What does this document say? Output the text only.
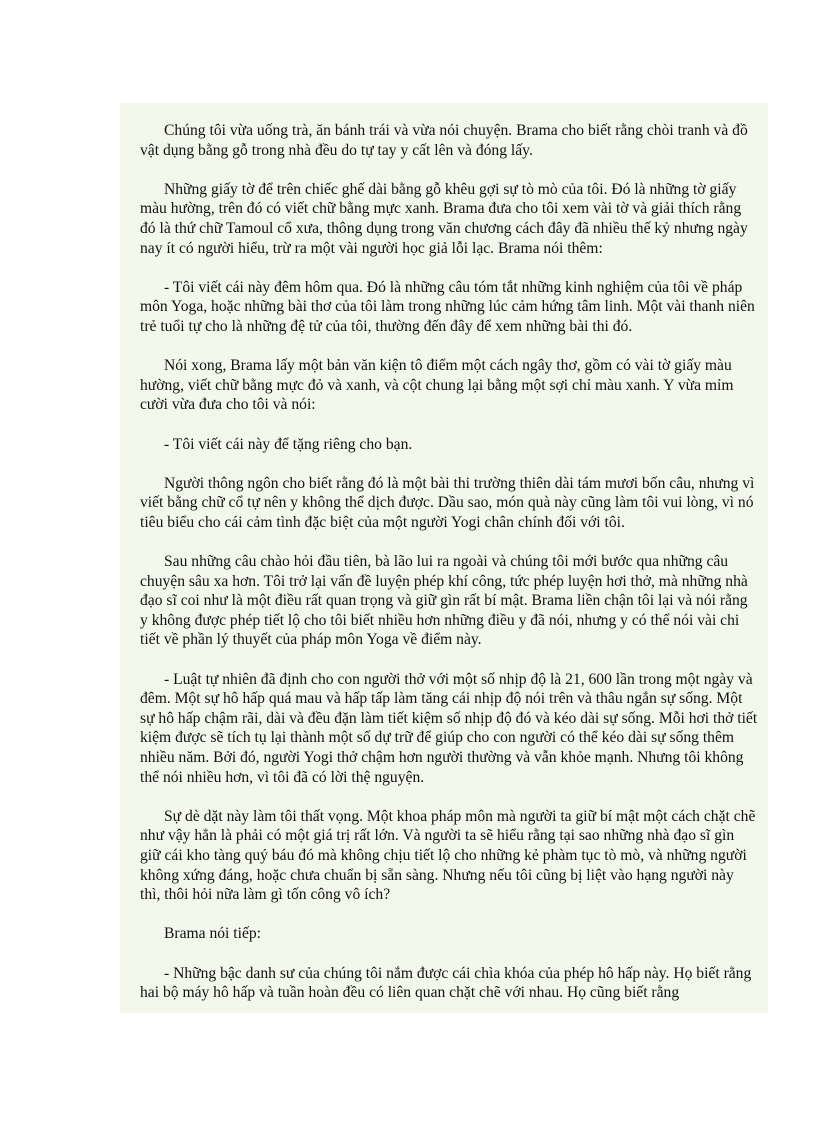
Chúng tôi vừa uống trà, ăn bánh trái và vừa nói chuyện. Brama cho biết rằng chòi tranh và đồ vật dụng bằng gỗ trong nhà đều do tự tay y cất lên và đóng lấy.

Những giấy tờ để trên chiếc ghế dài bằng gỗ khêu gợi sự tò mò của tôi. Đó là những tờ giấy màu hường, trên đó có viết chữ bằng mực xanh. Brama đưa cho tôi xem vài tờ và giải thích rằng đó là thứ chữ Tamoul cổ xưa, thông dụng trong văn chương cách đây đã nhiều thế kỷ nhưng ngày nay ít có người hiểu, trừ ra một vài người học giả lỗi lạc. Brama nói thêm:

- Tôi viết cái này đêm hôm qua. Đó là những câu tóm tắt những kinh nghiệm của tôi về pháp môn Yoga, hoặc những bài thơ của tôi làm trong những lúc cảm hứng tâm linh. Một vài thanh niên trẻ tuổi tự cho là những đệ tử của tôi, thường đến đây để xem những bài thi đó.

Nói xong, Brama lấy một bản văn kiện tô điểm một cách ngây thơ, gồm có vài tờ giấy màu hường, viết chữ bằng mực đỏ và xanh, và cột chung lại bằng một sợi chỉ màu xanh. Y vừa mỉm cười vừa đưa cho tôi và nói:

- Tôi viết cái này để tặng riêng cho bạn.

Người thông ngôn cho biết rằng đó là một bài thi trường thiên dài tám mươi bốn câu, nhưng vì viết bằng chữ cổ tự nên y không thể dịch được. Dầu sao, món quà này cũng làm tôi vui lòng, vì nó tiêu biểu cho cái cảm tình đặc biệt của một người Yogi chân chính đối với tôi.

Sau những câu chào hỏi đầu tiên, bà lão lui ra ngoài và chúng tôi mới bước qua những câu chuyện sâu xa hơn. Tôi trở lại vấn đề luyện phép khí công, tức phép luyện hơi thở, mà những nhà đạo sĩ coi như là một điều rất quan trọng và giữ gìn rất bí mật. Brama liền chận tôi lại và nói rằng y không được phép tiết lộ cho tôi biết nhiều hơn những điều y đã nói, nhưng y có thể nói vài chi tiết về phần lý thuyết của pháp môn Yoga về điểm này.

- Luật tự nhiên đã định cho con người thở với một số nhịp độ là 21, 600 lần trong một ngày và đêm. Một sự hô hấp quá mau và hấp tấp làm tăng cái nhịp độ nói trên và thâu ngắn sự sống. Một sự hô hấp chậm rãi, dài và đều đặn làm tiết kiệm số nhịp độ đó và kéo dài sự sống. Mỗi hơi thở tiết kiệm được sẽ tích tụ lại thành một số dự trữ để giúp cho con người có thể kéo dài sự sống thêm nhiều năm. Bởi đó, người Yogi thở chậm hơn người thường và vẫn khỏe mạnh. Nhưng tôi không thể nói nhiều hơn, vì tôi đã có lời thệ nguyện.

Sự dè dặt này làm tôi thất vọng. Một khoa pháp môn mà người ta giữ bí mật một cách chặt chẽ như vậy hẳn là phải có một giá trị rất lớn. Và người ta sẽ hiểu rằng tại sao những nhà đạo sĩ gìn giữ cái kho tàng quý báu đó mà không chịu tiết lộ cho những kẻ phàm tục tò mò, và những người không xứng đáng, hoặc chưa chuẩn bị sẵn sàng. Nhưng nếu tôi cũng bị liệt vào hạng người này thì, thôi hỏi nữa làm gì tốn công vô ích?

Brama nói tiếp:

- Những bậc danh sư của chúng tôi nắm được cái chìa khóa của phép hô hấp này. Họ biết rằng hai bộ máy hô hấp và tuần hoàn đều có liên quan chặt chẽ với nhau. Họ cũng biết rằng
